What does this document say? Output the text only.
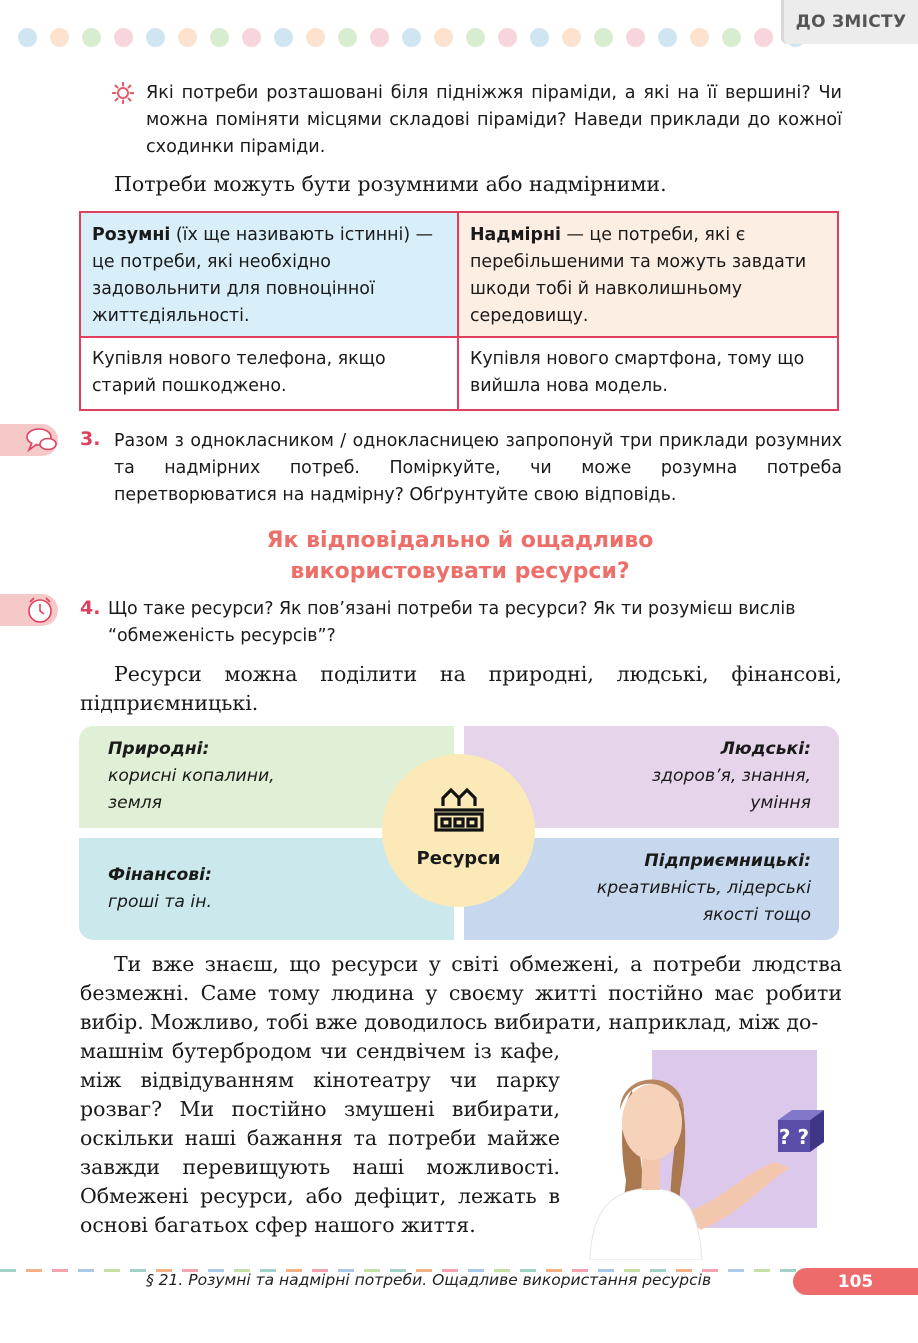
ДО ЗМІСТУ
Які потреби розташовані біля підніжжя піраміди, а які на її вершині? Чи можна поміняти місцями складові піраміди? Наведи приклади до кожної сходинки піраміди.
Потреби можуть бути розумними або надмірними.
Розумні (їх ще називають істинні) — це потреби, які необхідно задовольнити для повноцінної життєдіяльності.
Надмірні — це потреби, які є перебільшеними та можуть завдати шкоди тобі й навколишньому середовищу.
Купівля нового телефона, якщо старий пошкоджено.
Купівля нового смартфона, тому що вийшла нова модель.
3. Разом з однокласником / однокласницею запропонуй три приклади розумних та надмірних потреб. Поміркуйте, чи може розумна потреба перетворюватися на надмірну? Обґрунтуйте свою відповідь.
Як відповідально й ощадливо
використовувати ресурси?
4. Що таке ресурси? Як пов’язані потреби та ресурси? Як ти розумієш вислів “обмеженість ресурсів”?
Ресурси можна поділити на природні, людські, фінансові, підприємницькі.
Природні:
корисні копалини,
земля
Людські:
здоров’я, знання,
уміння
Фінансові:
гроші та ін.
Підприємницькі:
креативність, лідерські
якості тощо
Ресурси
Ти вже знаєш, що ресурси у світі обмежені, а потреби людства безмежні. Саме тому людина у своєму житті постійно має робити вибір. Можливо, тобі вже доводилось вибирати, наприклад, між до-
машнім бутербродом чи сендвічем із кафе, між відвідуванням кінотеатру чи парку розваг? Ми постійно змушені вибирати, оскільки наші бажання та потреби майже завжди перевищують наші можливості. Обмежені ресурси, або дефіцит, лежать в основі багатьох сфер нашого життя.
? ?
§ 21. Розумні та надмірні потреби. Ощадливе використання ресурсів	105
